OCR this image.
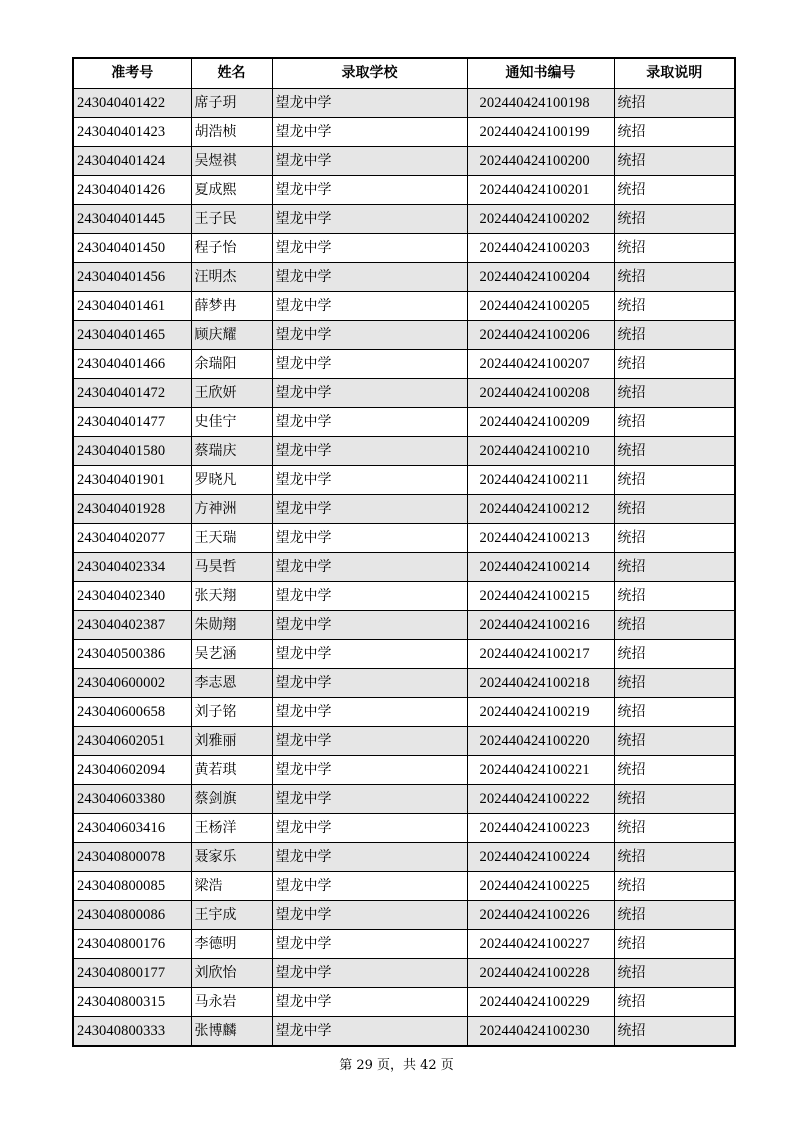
准考号	姓名	录取学校	通知书编号	录取说明
243040401422	席子玥	望龙中学	202440424100198	统招
243040401423	胡浩桢	望龙中学	202440424100199	统招
243040401424	吴煜祺	望龙中学	202440424100200	统招
243040401426	夏成熙	望龙中学	202440424100201	统招
243040401445	王子民	望龙中学	202440424100202	统招
243040401450	程子怡	望龙中学	202440424100203	统招
243040401456	汪明杰	望龙中学	202440424100204	统招
243040401461	薛梦冉	望龙中学	202440424100205	统招
243040401465	顾庆耀	望龙中学	202440424100206	统招
243040401466	余瑞阳	望龙中学	202440424100207	统招
243040401472	王欣妍	望龙中学	202440424100208	统招
243040401477	史佳宁	望龙中学	202440424100209	统招
243040401580	蔡瑞庆	望龙中学	202440424100210	统招
243040401901	罗晓凡	望龙中学	202440424100211	统招
243040401928	方神洲	望龙中学	202440424100212	统招
243040402077	王天瑞	望龙中学	202440424100213	统招
243040402334	马昊哲	望龙中学	202440424100214	统招
243040402340	张天翔	望龙中学	202440424100215	统招
243040402387	朱勋翔	望龙中学	202440424100216	统招
243040500386	吴艺涵	望龙中学	202440424100217	统招
243040600002	李志恩	望龙中学	202440424100218	统招
243040600658	刘子铭	望龙中学	202440424100219	统招
243040602051	刘雅丽	望龙中学	202440424100220	统招
243040602094	黄若琪	望龙中学	202440424100221	统招
243040603380	蔡剑旗	望龙中学	202440424100222	统招
243040603416	王杨洋	望龙中学	202440424100223	统招
243040800078	聂家乐	望龙中学	202440424100224	统招
243040800085	梁浩	望龙中学	202440424100225	统招
243040800086	王宇成	望龙中学	202440424100226	统招
243040800176	李德明	望龙中学	202440424100227	统招
243040800177	刘欣怡	望龙中学	202440424100228	统招
243040800315	马永岩	望龙中学	202440424100229	统招
243040800333	张博麟	望龙中学	202440424100230	统招
第 29 页，共 42 页
